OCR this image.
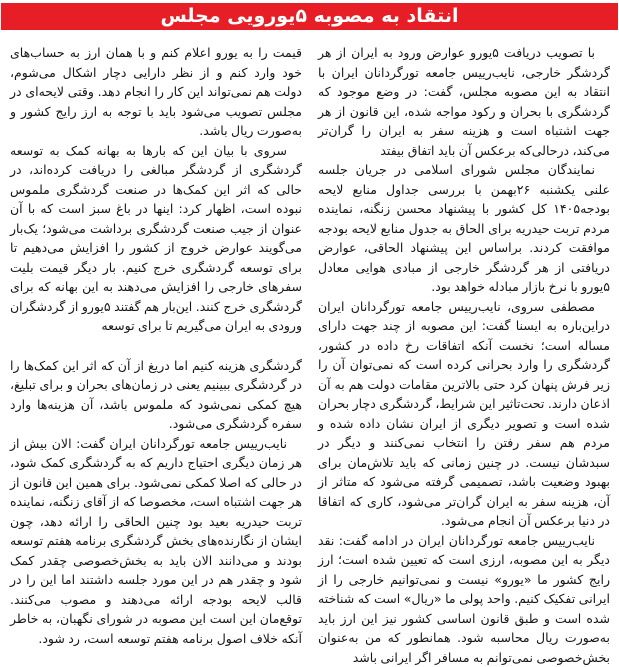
انتقاد به مصوبه ۵یورویی مجلس

با تصویب دریافت ۵یورو عوارض ورود به ایران از هر گردشگر خارجی، نایب‌رییس جامعه تورگردانان ایران با انتقاد به این مصوبه مجلس، گفت: در وضع موجود که گردشگری با بحران و رکود مواجه شده، این قانون از هر جهت اشتباه است و هزینه سفر به ایران را گران‌تر می‌کند، درحالی‌که برعکس آن باید اتفاق بیفتد

نمایندگان مجلس شورای اسلامی در جریان جلسه علنی یکشنبه ۲۶بهمن با بررسی جداول منابع لایحه بودجه۱۴۰۵ کل کشور با پیشنهاد محسن زنگنه، نماینده مردم تربت حیدریه برای الحاق به جدول منابع لایحه بودجه موافقت کردند. براساس این پیشنهاد الحاقی، عوارض دریافتی از هر گردشگر خارجی از مبادی هوایی معادل ۵یورو با نرخ بازار مبادله خواهد بود.

مصطفی سروی، نایب‌رییس جامعه تورگردانان ایران دراین‌باره به ایسنا گفت: این مصوبه از چند جهت دارای مساله است؛ نخست آنکه اتفاقات رخ داده در کشور، گردشگری را وارد بحرانی کرده است که نمی‌توان آن را زیر فرش پنهان کرد حتی بالاترین مقامات دولت هم به آن اذعان دارند. تحت‌تاثیر این شرایط، گردشگری دچار بحران شده است و تصویر دیگری از ایران نشان داده شده و مردم هم سفر رفتن را انتخاب نمی‌کنند و دیگر در سبدشان نیست. در چنین زمانی که باید تلاش‌مان برای بهبود وضعیت باشد، تصمیمی گرفته می‌شود که متاثر از آن، هزینه سفر به ایران گران‌تر می‌شود، کاری که اتفاقا در دنیا برعکس آن انجام می‌شود.

نایب‌رییس جامعه تورگردانان ایران در ادامه گفت: نقد دیگر به این مصوبه، ارزی است که تعیین شده است؛ ارز رایج کشور ما «یورو» نیست و نمی‌توانیم خارجی را از ایرانی تفکیک کنیم. واحد پولی ما «ریال» است که شناخته شده است و طبق قانون اساسی کشور نیز این ارز باید به‌صورت ریال محاسبه شود. همانطور که من به‌عنوان بخش‌خصوصی نمی‌توانم به مسافر اگر ایرانی باشد

قیمت را به یورو اعلام کنم و با همان ارز به حساب‌های خود وارد کنم و از نظر دارایی دچار اشکال می‌شوم، دولت هم نمی‌تواند این کار را انجام دهد. وقتی لایحه‌ای در مجلس تصویب می‌شود باید با توجه به ارز رایج کشور و به‌صورت ریال باشد.

سروی با بیان این که بارها به بهانه کمک به توسعه گردشگری از گردشگر مبالغی را دریافت کرده‌اند، در حالی که اثر این کمک‌ها در صنعت گردشگری ملموس نبوده است، اظهار کرد: اینها در باغ سبز است که با آن عنوان از جیب صنعت گردشگری برداشت می‌شود؛ یک‌بار می‌گویند عوارض خروج از کشور را افزایش می‌دهیم تا برای توسعه گردشگری خرج کنیم. بار دیگر قیمت بلیت سفرهای خارجی را افزایش می‌دهند به این بهانه که برای گردشگری خرج کنند. این‌بار هم گفتند ۵یورو از گردشگران ورودی به ایران می‌گیریم تا برای توسعه

گردشگری هزینه کنیم اما دریغ از آن که اثر این کمک‌ها را در گردشگری ببینیم یعنی در زمان‌های بحران و برای تبلیغ، هیچ کمکی نمی‌شود که ملموس باشد، آن هزینه‌ها وارد سفره گردشگری می‌شود.

نایب‌رییس جامعه تورگردانان ایران گفت: الان بیش از هر زمان دیگری احتیاج داریم که به گردشگری کمک شود، در حالی که اصلا کمکی نمی‌شود. برای همین این قانون از هر جهت اشتباه است، مخصوصا که از آقای زنگنه، نماینده تربت حیدریه بعید بود چنین الحاقی را ارائه دهد، چون ایشان از نگارنده‌های بخش گردشگری برنامه هفتم توسعه بودند و می‌دانند الان باید به بخش‌خصوصی چقدر کمک شود و چقدر هم در این مورد جلسه داشتند اما این را در قالب لایحه بودجه ارائه می‌دهند و مصوب می‌کنند. توقع‌مان این است این مصوبه در شورای نگهبان، به خاطر آنکه خلاف اصول برنامه هفتم توسعه است، رد شود.
